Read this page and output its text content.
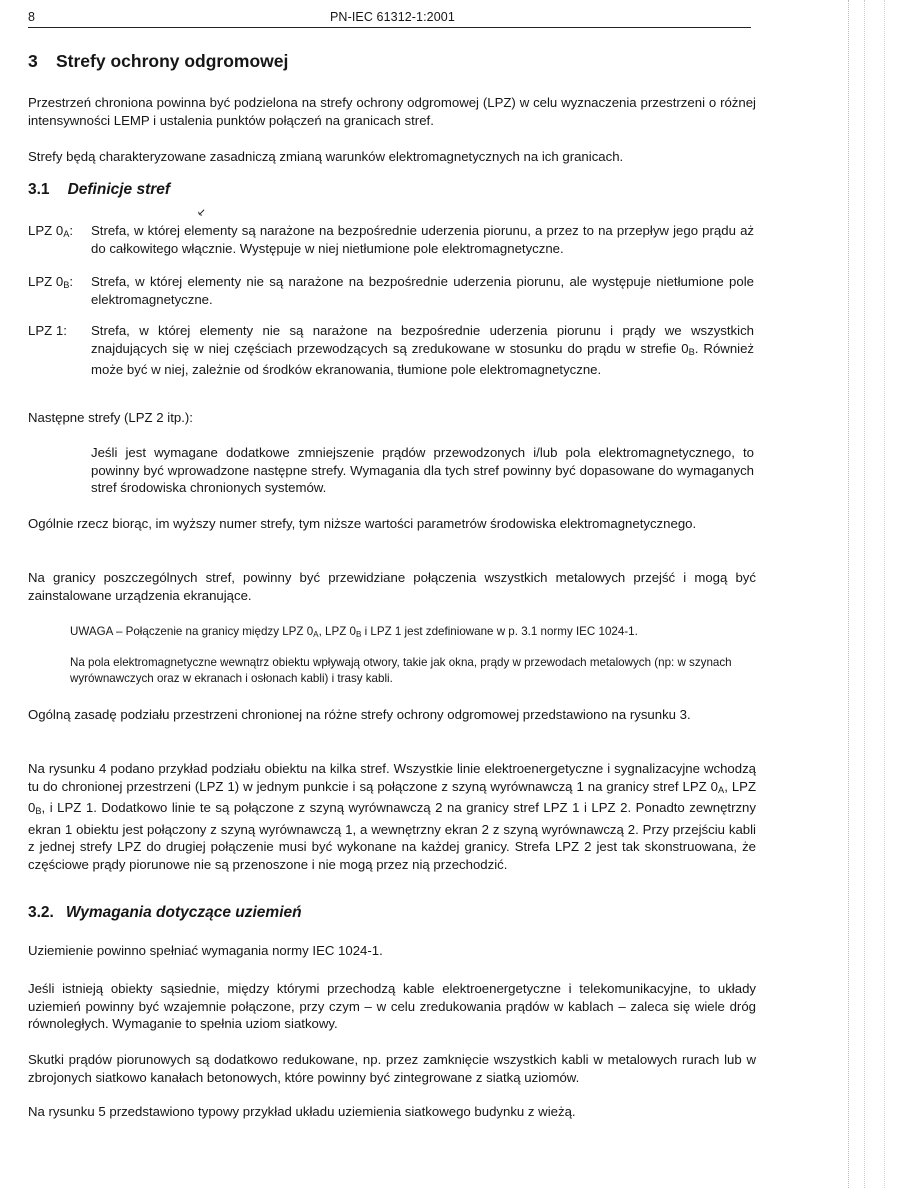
8	PN-IEC 61312-1:2001
3 Strefy ochrony odgromowej

Przestrzeń chroniona powinna być podzielona na strefy ochrony odgromowej (LPZ) w celu wyznaczenia przestrzeni o różnej intensywności LEMP i ustalenia punktów połączeń na granicach stref.

Strefy będą charakteryzowane zasadniczą zmianą warunków elektromagnetycznych na ich granicach.

3.1 Definicje stref
⸔

LPZ $0_A$:	Strefa, w której elementy są narażone na bezpośrednie uderzenia piorunu, a przez to na przepływ jego prądu aż do całkowitego włącznie. Występuje w niej nietłumione pole elektromagnetyczne.

LPZ $0_B$:	Strefa, w której elementy nie są narażone na bezpośrednie uderzenia piorunu, ale występuje nietłumione pole elektromagnetyczne.

LPZ 1:	Strefa, w której elementy nie są narażone na bezpośrednie uderzenia piorunu i prądy we wszystkich znajdujących się w niej częściach przewodzących są zredukowane w stosunku do prądu w strefie $0_B$. Również może być w niej, zależnie od środków ekranowania, tłumione pole elektromagnetyczne.

Następne strefy (LPZ 2 itp.):

Jeśli jest wymagane dodatkowe zmniejszenie prądów przewodzonych i/lub pola elektromagnetycznego, to powinny być wprowadzone następne strefy. Wymagania dla tych stref powinny być dopasowane do wymaganych stref środowiska chronionych systemów.

Ogólnie rzecz biorąc, im wyższy numer strefy, tym niższe wartości parametrów środowiska elektromagnetycznego.

Na granicy poszczególnych stref, powinny być przewidziane połączenia wszystkich metalowych przejść i mogą być zainstalowane urządzenia ekranujące.

UWAGA – Połączenie na granicy między LPZ $0_A$, LPZ $0_B$ i LPZ 1 jest zdefiniowane w p. 3.1 normy IEC 1024-1.

Na pola elektromagnetyczne wewnątrz obiektu wpływają otwory, takie jak okna, prądy w przewodach metalowych (np: w szynach wyrównawczych oraz w ekranach i osłonach kabli) i trasy kabli.

Ogólną zasadę podziału przestrzeni chronionej na różne strefy ochrony odgromowej przedstawiono na rysunku 3.

Na rysunku 4 podano przykład podziału obiektu na kilka stref. Wszystkie linie elektroenergetyczne i sygnalizacyjne wchodzą tu do chronionej przestrzeni (LPZ 1) w jednym punkcie i są połączone z szyną wyrównawczą 1 na granicy stref LPZ $0_A$, LPZ $0_B$, i LPZ 1. Dodatkowo linie te są połączone z szyną wyrównawczą 2 na granicy stref LPZ 1 i LPZ 2. Ponadto zewnętrzny ekran 1 obiektu jest połączony z szyną wyrównawczą 1, a wewnętrzny ekran 2 z szyną wyrównawczą 2. Przy przejściu kabli z jednej strefy LPZ do drugiej połączenie musi być wykonane na każdej granicy. Strefa LPZ 2 jest tak skonstruowana, że częściowe prądy piorunowe nie są przenoszone i nie mogą przez nią przechodzić.

3.2. Wymagania dotyczące uziemień

Uziemienie powinno spełniać wymagania normy IEC 1024-1.

Jeśli istnieją obiekty sąsiednie, między którymi przechodzą kable elektroenergetyczne i telekomunikacyjne, to układy uziemień powinny być wzajemnie połączone, przy czym – w celu zredukowania prądów w kablach – zaleca się wiele dróg równoległych. Wymaganie to spełnia uziom siatkowy.

Skutki prądów piorunowych są dodatkowo redukowane, np. przez zamknięcie wszystkich kabli w metalowych rurach lub w zbrojonych siatkowo kanałach betonowych, które powinny być zintegrowane z siatką uziomów.

Na rysunku 5 przedstawiono typowy przykład układu uziemienia siatkowego budynku z wieżą.
